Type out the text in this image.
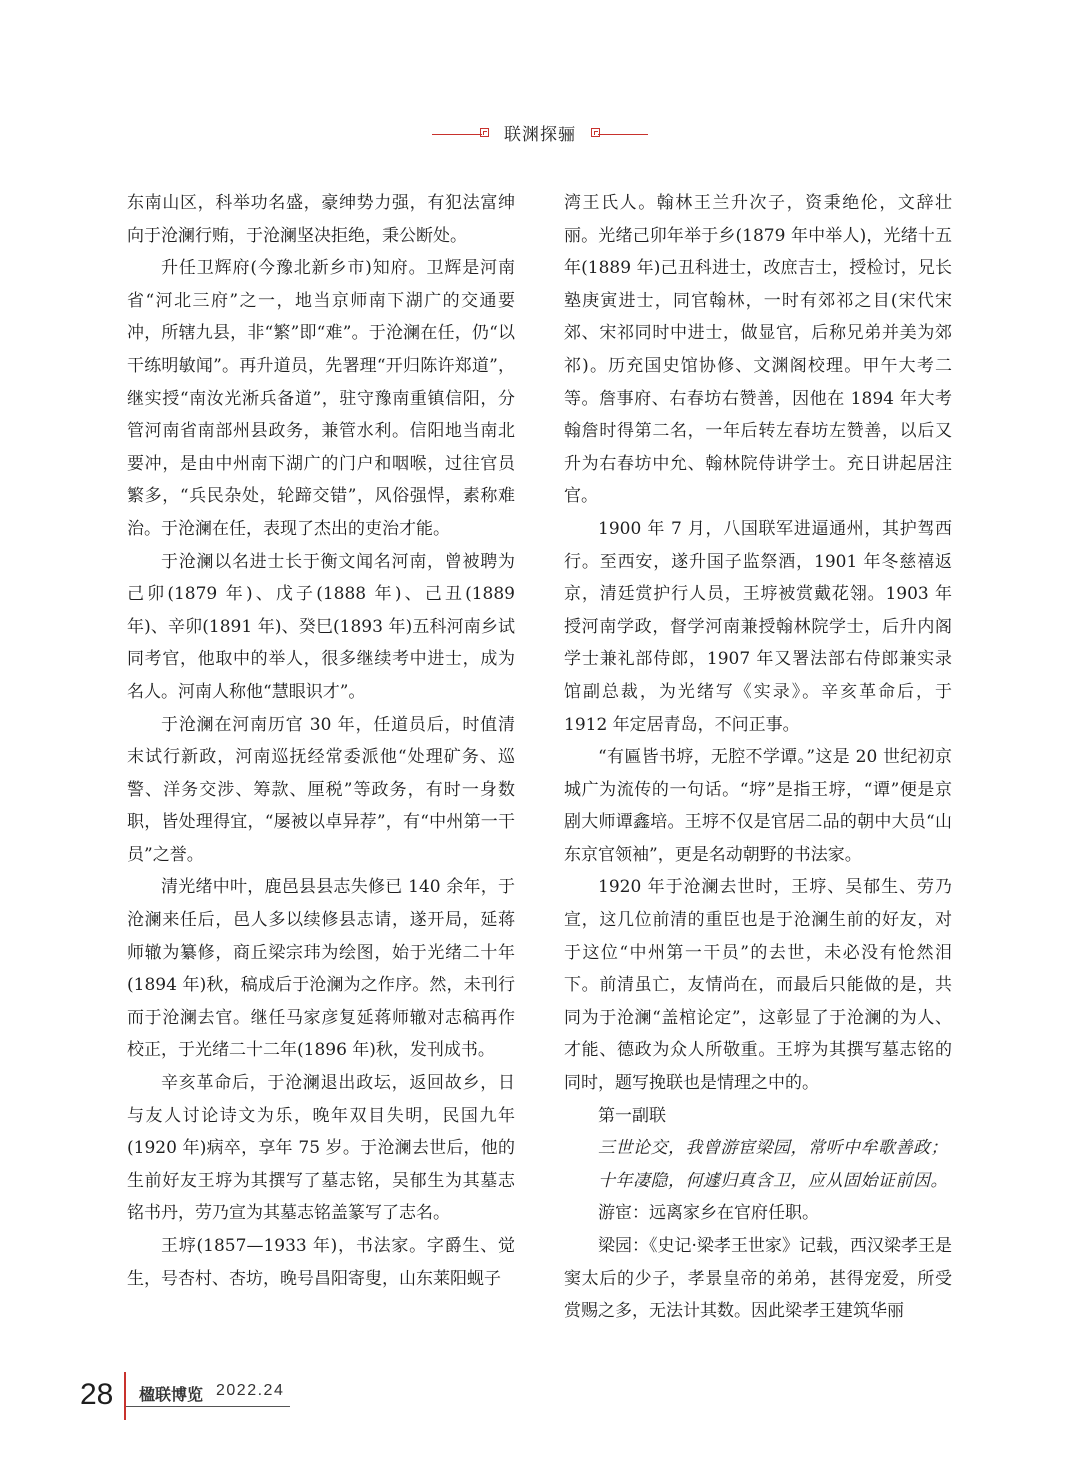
联渊探骊

东南山区，科举功名盛，豪绅势力强，有犯法富绅向于沧澜行贿，于沧澜坚决拒绝，秉公断处。

升任卫辉府(今豫北新乡市)知府。卫辉是河南省“河北三府”之一，地当京师南下湖广的交通要冲，所辖九县，非“繁”即“难”。于沧澜在任，仍“以干练明敏闻”。再升道员，先署理“开归陈许郑道”，继实授“南汝光淅兵备道”，驻守豫南重镇信阳，分管河南省南部州县政务，兼管水利。信阳地当南北要冲，是由中州南下湖广的门户和咽喉，过往官员繁多，“兵民杂处，轮蹄交错”，风俗强悍，素称难治。于沧澜在任，表现了杰出的吏治才能。

于沧澜以名进士长于衡文闻名河南，曾被聘为己卯(1879 年)、戊子(1888 年)、己丑(1889 年)、辛卯(1891 年)、癸巳(1893 年)五科河南乡试同考官，他取中的举人，很多继续考中进士，成为名人。河南人称他“慧眼识才”。

于沧澜在河南历官 30 年，任道员后，时值清末试行新政，河南巡抚经常委派他“处理矿务、巡警、洋务交涉、筹款、厘税”等政务，有时一身数职，皆处理得宜，“屡被以卓异荐”，有“中州第一干员”之誉。

清光绪中叶，鹿邑县县志失修已 140 余年，于沧澜来任后，邑人多以续修县志请，遂开局，延蒋师辙为纂修，商丘梁宗玮为绘图，始于光绪二十年(1894 年)秋，稿成后于沧澜为之作序。然，未刊行而于沧澜去官。继任马家彦复延蒋师辙对志稿再作校正，于光绪二十二年(1896 年)秋，发刊成书。

辛亥革命后，于沧澜退出政坛，返回故乡，日与友人讨论诗文为乐，晚年双目失明，民国九年(1920 年)病卒，享年 75 岁。于沧澜去世后，他的生前好友王垿为其撰写了墓志铭，吴郁生为其墓志铭书丹，劳乃宣为其墓志铭盖篆写了志名。

王垿(1857—1933 年)，书法家。字爵生、觉生，号杏村、杏坊，晚号昌阳寄叟，山东莱阳蚬子

湾王氏人。翰林王兰升次子，资秉绝伦，文辞壮丽。光绪己卯年举于乡(1879 年中举人)，光绪十五年(1889 年)己丑科进士，改庶吉士，授检讨，兄长塾庚寅进士，同官翰林，一时有郊祁之目(宋代宋郊、宋祁同时中进士，做显官，后称兄弟并美为郊祁)。历充国史馆协修、文渊阁校理。甲午大考二等。詹事府、右春坊右赞善，因他在 1894 年大考翰詹时得第二名，一年后转左春坊左赞善，以后又升为右春坊中允、翰林院侍讲学士。充日讲起居注官。

1900 年 7 月，八国联军进逼通州，其护驾西行。至西安，遂升国子监祭酒，1901 年冬慈禧返京，清廷赏护行人员，王垿被赏戴花翎。1903 年授河南学政，督学河南兼授翰林院学士，后升内阁学士兼礼部侍郎，1907 年又署法部右侍郎兼实录馆副总裁，为光绪写《实录》。辛亥革命后，于 1912 年定居青岛，不问正事。

“有匾皆书垿，无腔不学谭。”这是 20 世纪初京城广为流传的一句话。“垿”是指王垿，“谭”便是京剧大师谭鑫培。王垿不仅是官居二品的朝中大员“山东京官领袖”，更是名动朝野的书法家。

1920 年于沧澜去世时，王垿、吴郁生、劳乃宣，这几位前清的重臣也是于沧澜生前的好友，对于这位“中州第一干员”的去世，未必没有怆然泪下。前清虽亡，友情尚在，而最后只能做的是，共同为于沧澜“盖棺论定”，这彰显了于沧澜的为人、才能、德政为众人所敬重。王垿为其撰写墓志铭的同时，题写挽联也是情理之中的。

第一副联

三世论交，我曾游宦梁园，常听中牟歌善政；

十年凄隐，何遽归真含卫，应从固始证前因。

游宦：远离家乡在官府任职。

梁园：《史记·梁孝王世家》记载，西汉梁孝王是窦太后的少子，孝景皇帝的弟弟，甚得宠爱，所受赏赐之多，无法计其数。因此梁孝王建筑华丽

28 楹联博览 2022.24
